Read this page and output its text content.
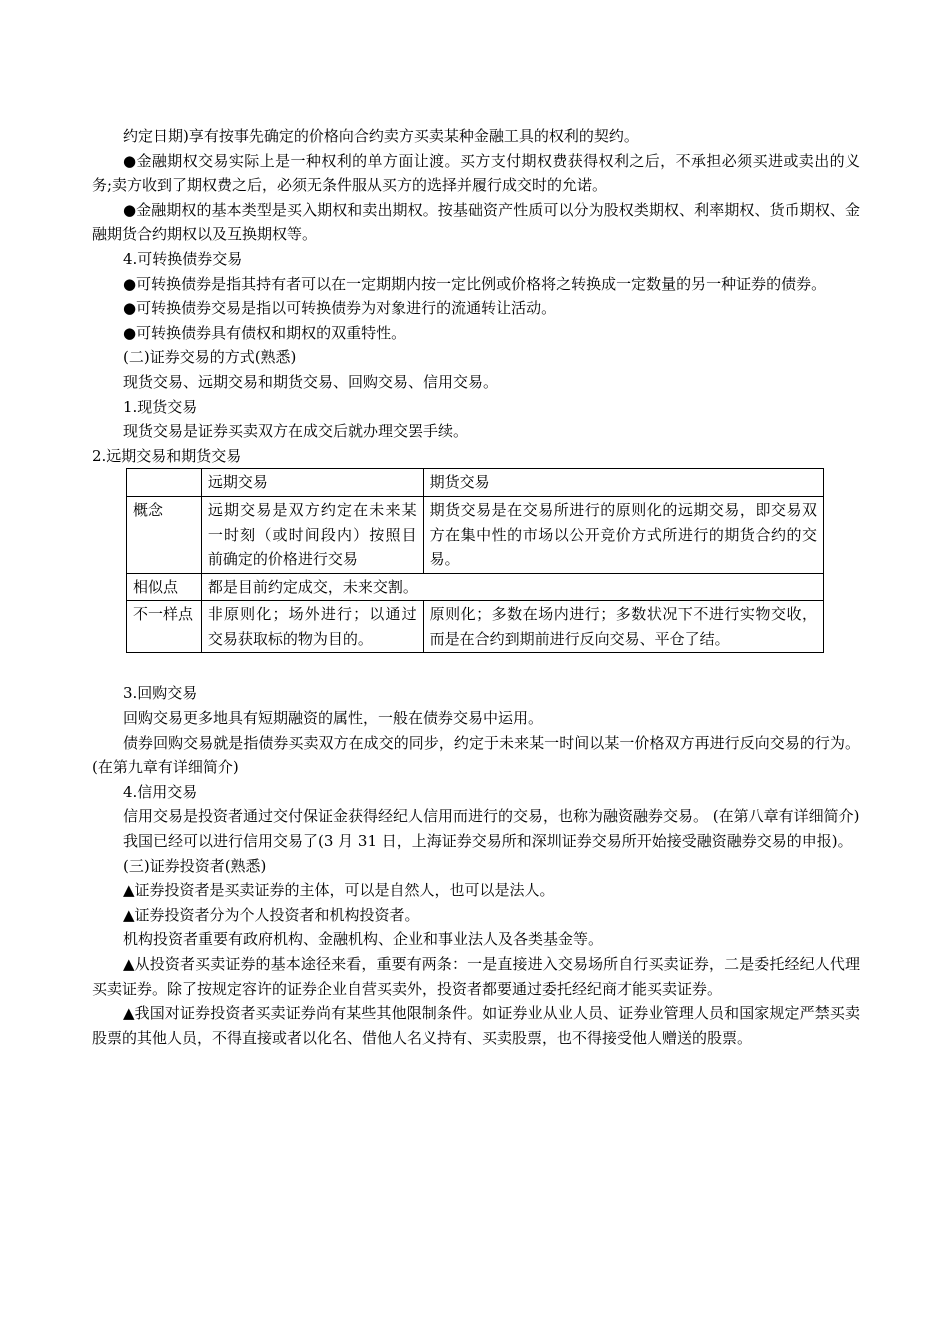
约定日期)享有按事先确定的价格向合约卖方买卖某种金融工具的权利的契约。

●金融期权交易实际上是一种权利的单方面让渡。买方支付期权费获得权利之后，不承担必须买进或卖出的义务;卖方收到了期权费之后，必须无条件服从买方的选择并履行成交时的允诺。

●金融期权的基本类型是买入期权和卖出期权。按基础资产性质可以分为股权类期权、利率期权、货币期权、金融期货合约期权以及互换期权等。

4.可转换债券交易

●可转换债券是指其持有者可以在一定期期内按一定比例或价格将之转换成一定数量的另一种证券的债券。

●可转换债券交易是指以可转换债券为对象进行的流通转让活动。

●可转换债券具有债权和期权的双重特性。

(二)证券交易的方式(熟悉)

现货交易、远期交易和期货交易、回购交易、信用交易。

1.现货交易

现货交易是证券买卖双方在成交后就办理交罢手续。

2.远期交易和期货交易

	远期交易	期货交易
概念	远期交易是双方约定在未来某一时刻（或时间段内）按照目前确定的价格进行交易	期货交易是在交易所进行的原则化的远期交易，即交易双方在集中性的市场以公开竞价方式所进行的期货合约的交易。
相似点	都是目前约定成交，未来交割。	
不一样点	非原则化；场外进行；以通过交易获取标的物为目的。	原则化；多数在场内进行；多数状况下不进行实物交收，而是在合约到期前进行反向交易、平仓了结。

3.回购交易

回购交易更多地具有短期融资的属性，一般在债券交易中运用。

债券回购交易就是指债券买卖双方在成交的同步，约定于未来某一时间以某一价格双方再进行反向交易的行为。(在第九章有详细简介)

4.信用交易

信用交易是投资者通过交付保证金获得经纪人信用而进行的交易，也称为融资融券交易。 (在第八章有详细简介)

我国已经可以进行信用交易了(3 月 31 日，上海证券交易所和深圳证券交易所开始接受融资融券交易的申报)。

(三)证券投资者(熟悉)

▲证券投资者是买卖证券的主体，可以是自然人，也可以是法人。

▲证券投资者分为个人投资者和机构投资者。

机构投资者重要有政府机构、金融机构、企业和事业法人及各类基金等。

▲从投资者买卖证券的基本途径来看，重要有两条：一是直接进入交易场所自行买卖证券，二是委托经纪人代理买卖证券。除了按规定容许的证券企业自营买卖外，投资者都要通过委托经纪商才能买卖证券。

▲我国对证券投资者买卖证券尚有某些其他限制条件。如证券业从业人员、证券业管理人员和国家规定严禁买卖股票的其他人员，不得直接或者以化名、借他人名义持有、买卖股票，也不得接受他人赠送的股票。
